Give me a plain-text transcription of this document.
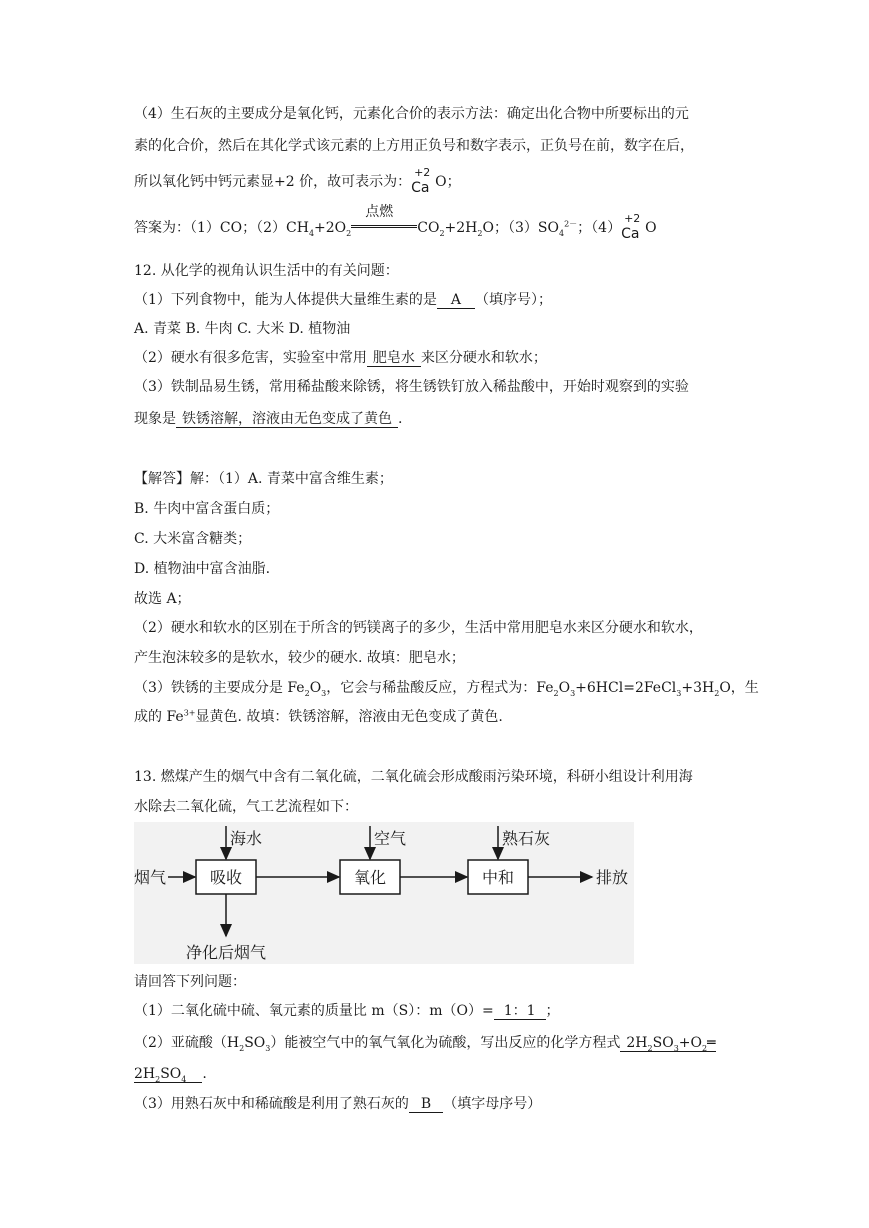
（4）生石灰的主要成分是氧化钙，元素化合价的表示方法：确定出化合物中所要标出的元
素的化合价，然后在其化学式该元素的上方用正负号和数字表示，正负号在前，数字在后，
所以氧化钙中钙元素显+2 价，故可表示为：
+2
Ca O；
答案为：（1）CO；$(2)CH_4+2O_2$
点燃
$CO_2+2H_2O$；$(3)SO_4^{2-}$；（4）
+2
Ca O
12. 从化学的视角认识生活中的有关问题：
（1）下列食物中，能为人体提供大量维生素的是 A （填序号）；
A. 青菜 B. 牛肉 C. 大米 D. 植物油
（2）硬水有很多危害，实验室中常用 肥皂水 来区分硬水和软水；
（3）铁制品易生锈，常用稀盐酸来除锈，将生锈铁钉放入稀盐酸中，开始时观察到的实验
现象是 铁锈溶解，溶液由无色变成了黄色 .
【解答】解：（1）A. 青菜中富含维生素；
B. 牛肉中富含蛋白质；
C. 大米富含糖类；
D. 植物油中富含油脂.
故选 A；
（2）硬水和软水的区别在于所含的钙镁离子的多少，生活中常用肥皂水来区分硬水和软水，
产生泡沫较多的是软水，较少的硬水. 故填：肥皂水；
（3）铁锈的主要成分是 $Fe_2O_3$，它会与稀盐酸反应，方程式为：$Fe_2O_3+6HCl=2FeCl_3+3H_2O$，生
成的 $Fe^{3+}$显黄色. 故填：铁锈溶解，溶液由无色变成了黄色.
13. 燃煤产生的烟气中含有二氧化硫，二氧化硫会形成酸雨污染环境，科研小组设计利用海
水除去二氧化硫，气工艺流程如下：
吸收	氧化	中和
烟气	排放
海水	空气	熟石灰
净化后烟气
请回答下列问题：
（1）二氧化硫中硫、氧元素的质量比 m（S）：m（O）= 1：1 ；
（2）亚硫酸$(H_2SO_3)$能被空气中的氧气氧化为硫酸，写出反应的化学方程式 $2H_2SO_3+O_2═$
$2H_2SO_4$ .
（3）用熟石灰中和稀硫酸是利用了熟石灰的 B （填字母序号）
